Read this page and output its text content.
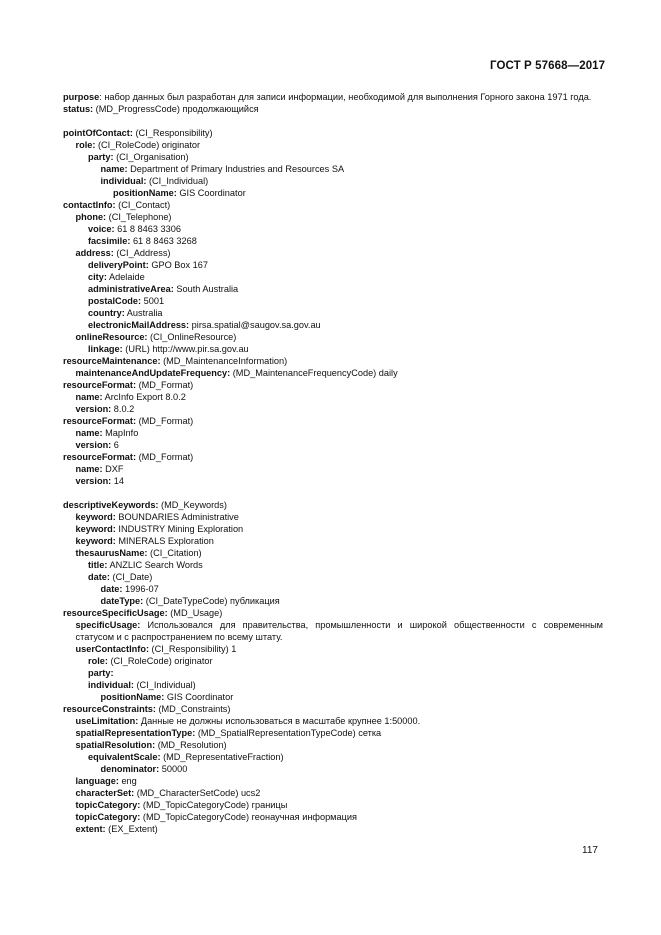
ГОСТ Р 57668—2017
purpose: набор данных был разработан для записи информации, необходимой для выполнения Горного закона 1971 года.
status: (MD_ProgressCode) продолжающийся
pointOfContact: (CI_Responsibility)
role: (CI_RoleCode) originator
party: (CI_Organisation)
name: Department of Primary Industries and Resources SA
individual: (CI_Individual)
positionName: GIS Coordinator
contactInfo: (CI_Contact)
phone: (CI_Telephone)
voice: 61 8 8463 3306
facsimile: 61 8 8463 3268
address: (CI_Address)
deliveryPoint: GPO Box 167
city: Adelaide
administrativeArea: South Australia
postalCode: 5001
country: Australia
electronicMailAddress: pirsa.spatial@saugov.sa.gov.au
onlineResource: (CI_OnlineResource)
linkage: (URL) http://www.pir.sa.gov.au
resourceMaintenance: (MD_MaintenanceInformation)
maintenanceAndUpdateFrequency: (MD_MaintenanceFrequencyCode) daily
resourceFormat: (MD_Format)
name: ArcInfo Export 8.0.2
version: 8.0.2
resourceFormat: (MD_Format)
name: MapInfo
version: 6
resourceFormat: (MD_Format)
name: DXF
version: 14
descriptiveKeywords: (MD_Keywords)
keyword: BOUNDARIES Administrative
keyword: INDUSTRY Mining Exploration
keyword: MINERALS Exploration
thesaurusName: (CI_Citation)
title: ANZLIC Search Words
date: (CI_Date)
date: 1996-07
dateType: (CI_DateTypeCode) публикация
resourceSpecificUsage: (MD_Usage)
specificUsage: Использовался для правительства, промышленности и широкой общественности с современным статусом и с распространением по всему штату.
userContactInfo: (CI_Responsibility) 1
role: (CI_RoleCode) originator
party:
individual: (CI_Individual)
positionName: GIS Coordinator
resourceConstraints: (MD_Constraints)
useLimitation: Данные не должны использоваться в масштабе крупнее 1:50000.
spatialRepresentationType: (MD_SpatialRepresentationTypeCode) сетка
spatialResolution: (MD_Resolution)
equivalentScale: (MD_RepresentativeFraction)
denominator: 50000
language: eng
characterSet: (MD_CharacterSetCode) ucs2
topicCategory: (MD_TopicCategoryCode) границы
topicCategory: (MD_TopicCategoryCode) геонаучная информация
extent: (EX_Extent)
117
